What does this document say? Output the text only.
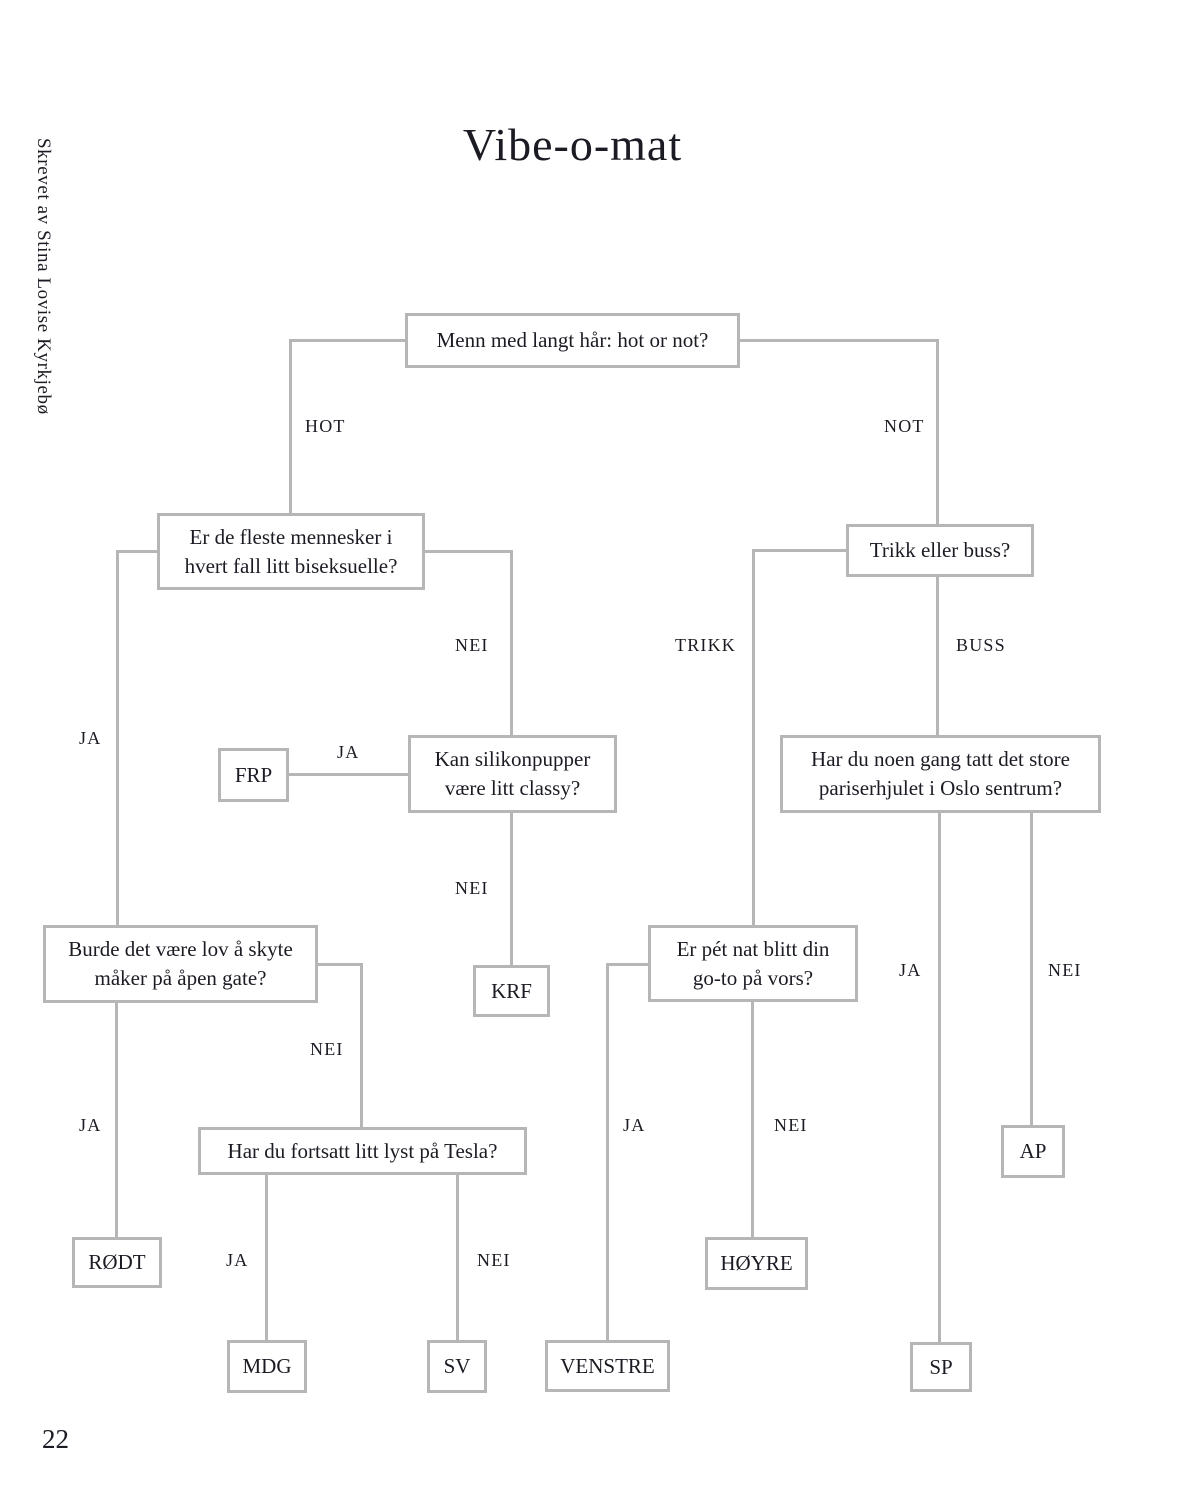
Vibe-o-mat
Skrevet av Stina Lovise Kyrkjebø
22
HOT	NOT
NEI	TRIKK	BUSS
JA
JA
NEI
JA	NEI
NEI
JA	JA	NEI
JA	NEI
Menn med langt hår: hot or not?
Er de fleste mennesker i hvert fall litt biseksuelle?
Trikk eller buss?
Kan silikonpupper være litt classy?
Har du noen gang tatt det store pariserhjulet i Oslo sentrum?
Burde det være lov å skyte måker på åpen gate?
Er pét nat blitt din go-to på vors?
Har du fortsatt litt lyst på Tesla?
FRP
KRF
AP
RØDT	HØYRE
MDG	SV	VENSTRE	SP
